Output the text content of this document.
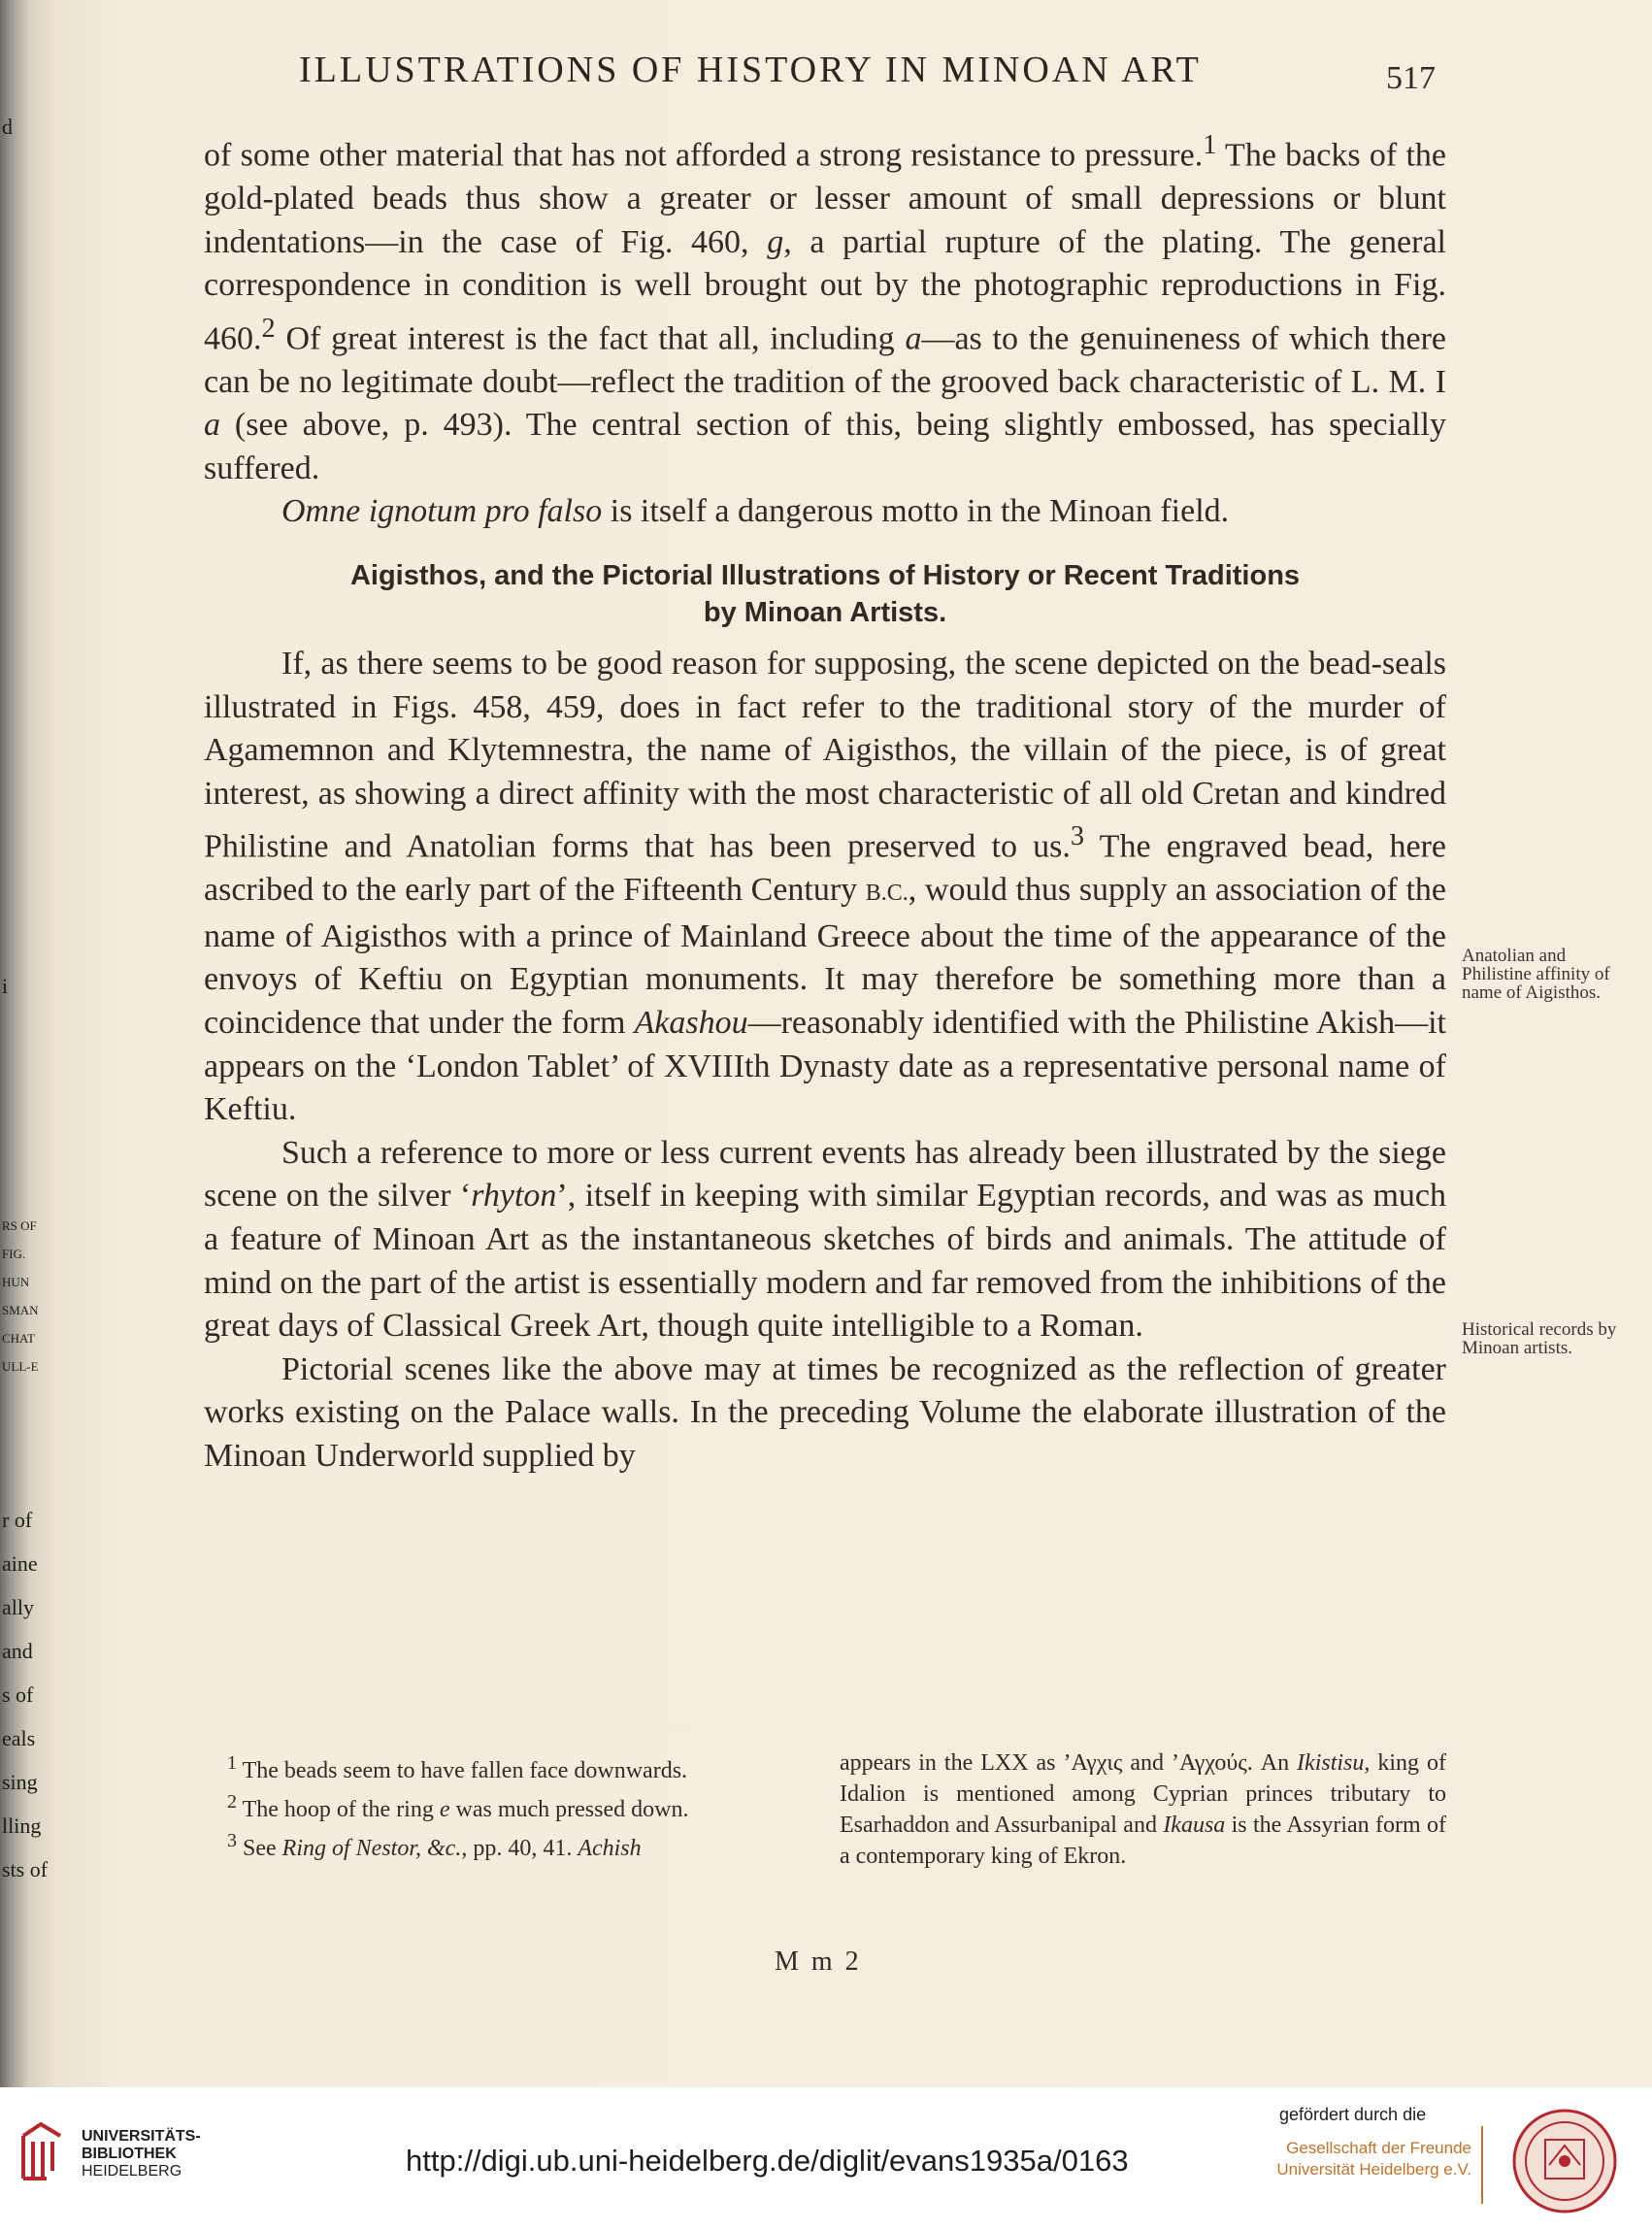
d
i
RS OF
FIG.
HUN
SMAN
CHAT
ULL-E
r of
aine
ally
and
s of
eals
sing
lling
sts of
ILLUSTRATIONS OF HISTORY IN MINOAN ART	517

of some other material that has not afforded a strong resistance to pressure.$^1$ The backs of the gold-plated beads thus show a greater or lesser amount of small depressions or blunt indentations—in the case of Fig. 460, g, a partial rupture of the plating. The general correspondence in condition is well brought out by the photographic reproductions in Fig. 460.$^2$ Of great interest is the fact that all, including a—as to the genuineness of which there can be no legitimate doubt—reflect the tradition of the grooved back characteristic of L. M. I a (see above, p. 493). The central section of this, being slightly embossed, has specially suffered.

Omne ignotum pro falso is itself a dangerous motto in the Minoan field.

Aigisthos, and the Pictorial Illustrations of History or Recent Traditions
by Minoan Artists.

If, as there seems to be good reason for supposing, the scene depicted on the bead-seals illustrated in Figs. 458, 459, does in fact refer to the traditional story of the murder of Agamemnon and Klytemnestra, the name of Aigisthos, the villain of the piece, is of great interest, as showing a direct affinity with the most characteristic of all old Cretan and kindred Philistine and Anatolian forms that has been preserved to us.$^3$ The engraved bead, here ascribed to the early part of the Fifteenth Century B.C., would thus supply an association of the name of Aigisthos with a prince of Mainland Greece about the time of the appearance of the envoys of Keftiu on Egyptian monuments. It may therefore be something more than a coincidence that under the form Akashou—reasonably identified with the Philistine Akish—it appears on the ‘London Tablet’ of XVIIIth Dynasty date as a representative personal name of Keftiu.

Such a reference to more or less current events has already been illustrated by the siege scene on the silver ‘rhyton’, itself in keeping with similar Egyptian records, and was as much a feature of Minoan Art as the instantaneous sketches of birds and animals. The attitude of mind on the part of the artist is essentially modern and far removed from the inhibitions of the great days of Classical Greek Art, though quite intelligible to a Roman.

Pictorial scenes like the above may at times be recognized as the reflection of greater works existing on the Palace walls. In the preceding Volume the elaborate illustration of the Minoan Underworld supplied by

Anatolian and Philistine affinity of name of Aigisthos.
Historical records by Minoan artists.

$^1$ The beads seem to have fallen face downwards.

$^2$ The hoop of the ring e was much pressed down.

$^3$ See Ring of Nestor, &c., pp. 40, 41. Achish

appears in the LXX as ’Αγχις and ’Αγχούς. An Ikistisu, king of Idalion is mentioned among Cyprian princes tributary to Esarhaddon and Assurbanipal and Ikausa is the Assyrian form of a contemporary king of Ekron.

M m 2
UNIVERSITÄTS-
BIBLIOTHEK
HEIDELBERG	http://digi.ub.uni-heidelberg.de/diglit/evans1935a/0163
gefördert durch die
Gesellschaft der Freunde
Universität Heidelberg e.V.
